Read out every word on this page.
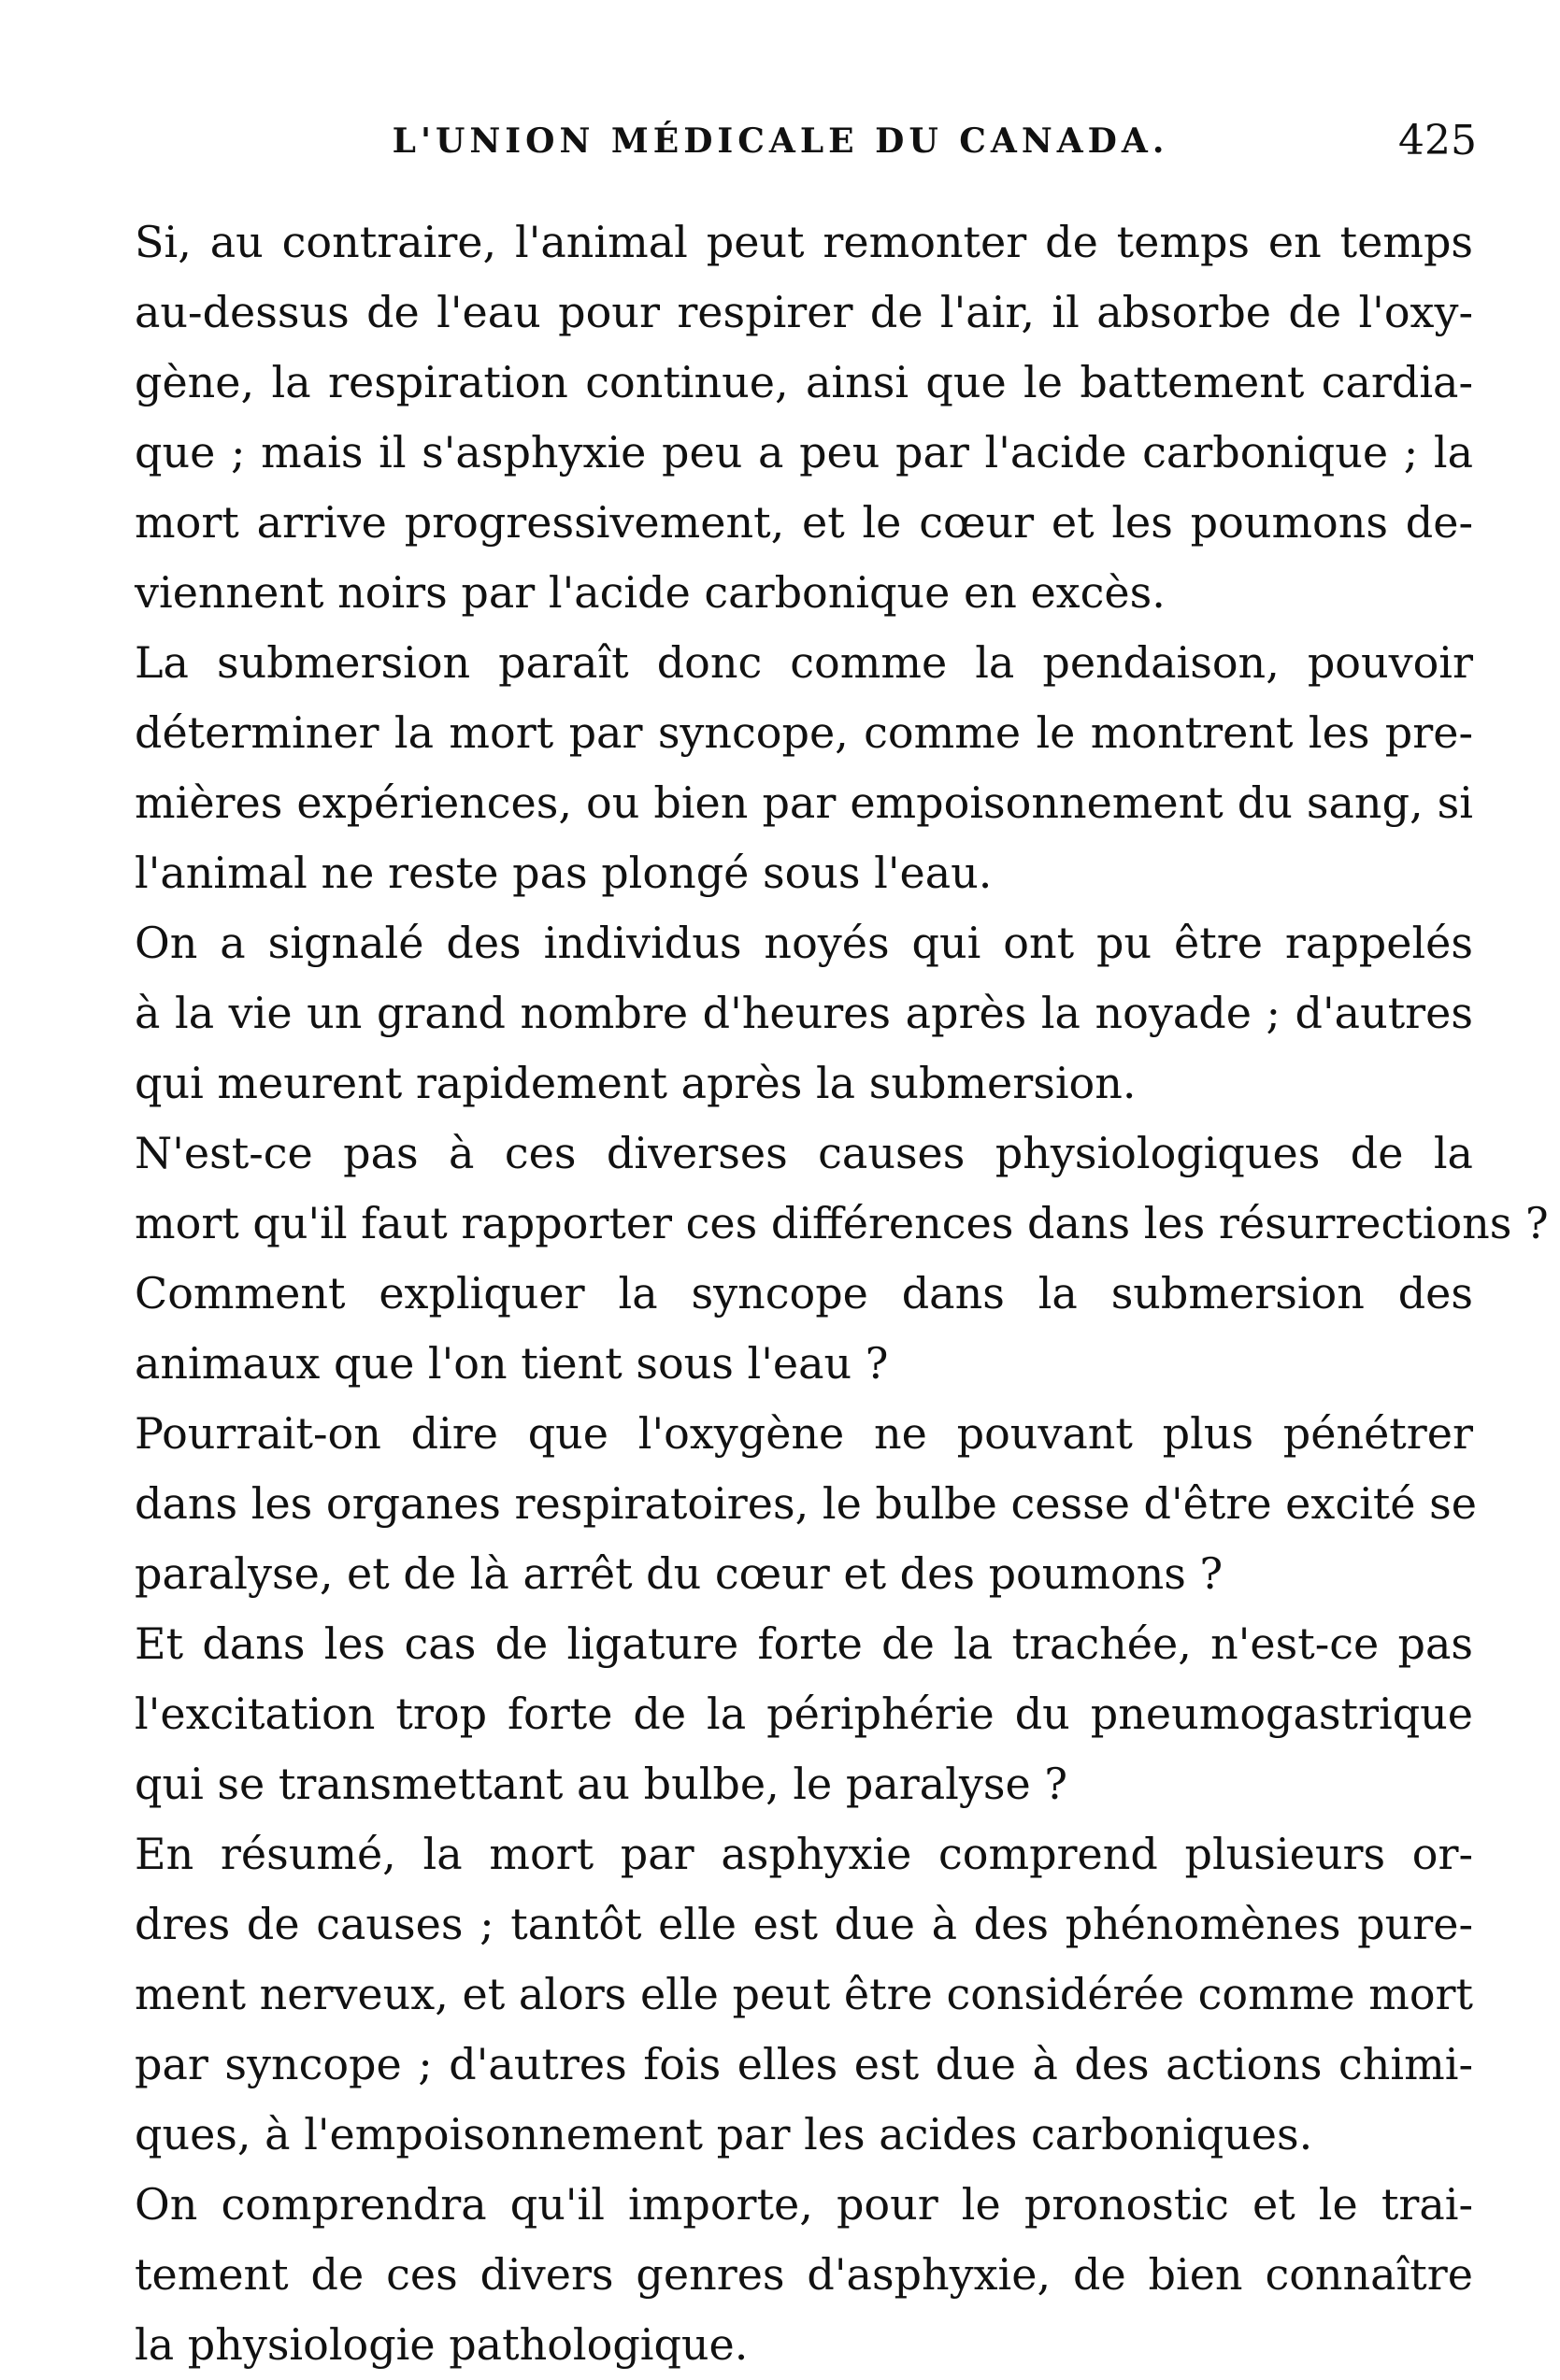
L'UNION MÉDICALE DU CANADA.	425

Si, au contraire, l'animal peut remonter de temps en temps
au-dessus de l'eau pour respirer de l'air, il absorbe de l'oxy-
gène, la respiration continue, ainsi que le battement cardia-
que ; mais il s'asphyxie peu a peu par l'acide carbonique ; la
mort arrive progressivement, et le cœur et les poumons de-
viennent noirs par l'acide carbonique en excès.

La submersion paraît donc comme la pendaison, pouvoir
déterminer la mort par syncope, comme le montrent les pre-
mières expériences, ou bien par empoisonnement du sang, si
l'animal ne reste pas plongé sous l'eau.

On a signalé des individus noyés qui ont pu être rappelés
à la vie un grand nombre d'heures après la noyade ; d'autres
qui meurent rapidement après la submersion.

N'est-ce pas à ces diverses causes physiologiques de la
mort qu'il faut rapporter ces différences dans les résurrections ?

Comment expliquer la syncope dans la submersion des
animaux que l'on tient sous l'eau ?

Pourrait-on dire que l'oxygène ne pouvant plus pénétrer
dans les organes respiratoires, le bulbe cesse d'être excité se
paralyse, et de là arrêt du cœur et des poumons ?

Et dans les cas de ligature forte de la trachée, n'est-ce pas
l'excitation trop forte de la périphérie du pneumogastrique
qui se transmettant au bulbe, le paralyse ?

En résumé, la mort par asphyxie comprend plusieurs or-
dres de causes ; tantôt elle est due à des phénomènes pure-
ment nerveux, et alors elle peut être considérée comme mort
par syncope ; d'autres fois elles est due à des actions chimi-
ques, à l'empoisonnement par les acides carboniques.

On comprendra qu'il importe, pour le pronostic et le trai-
tement de ces divers genres d'asphyxie, de bien connaître
la physiologie pathologique.
